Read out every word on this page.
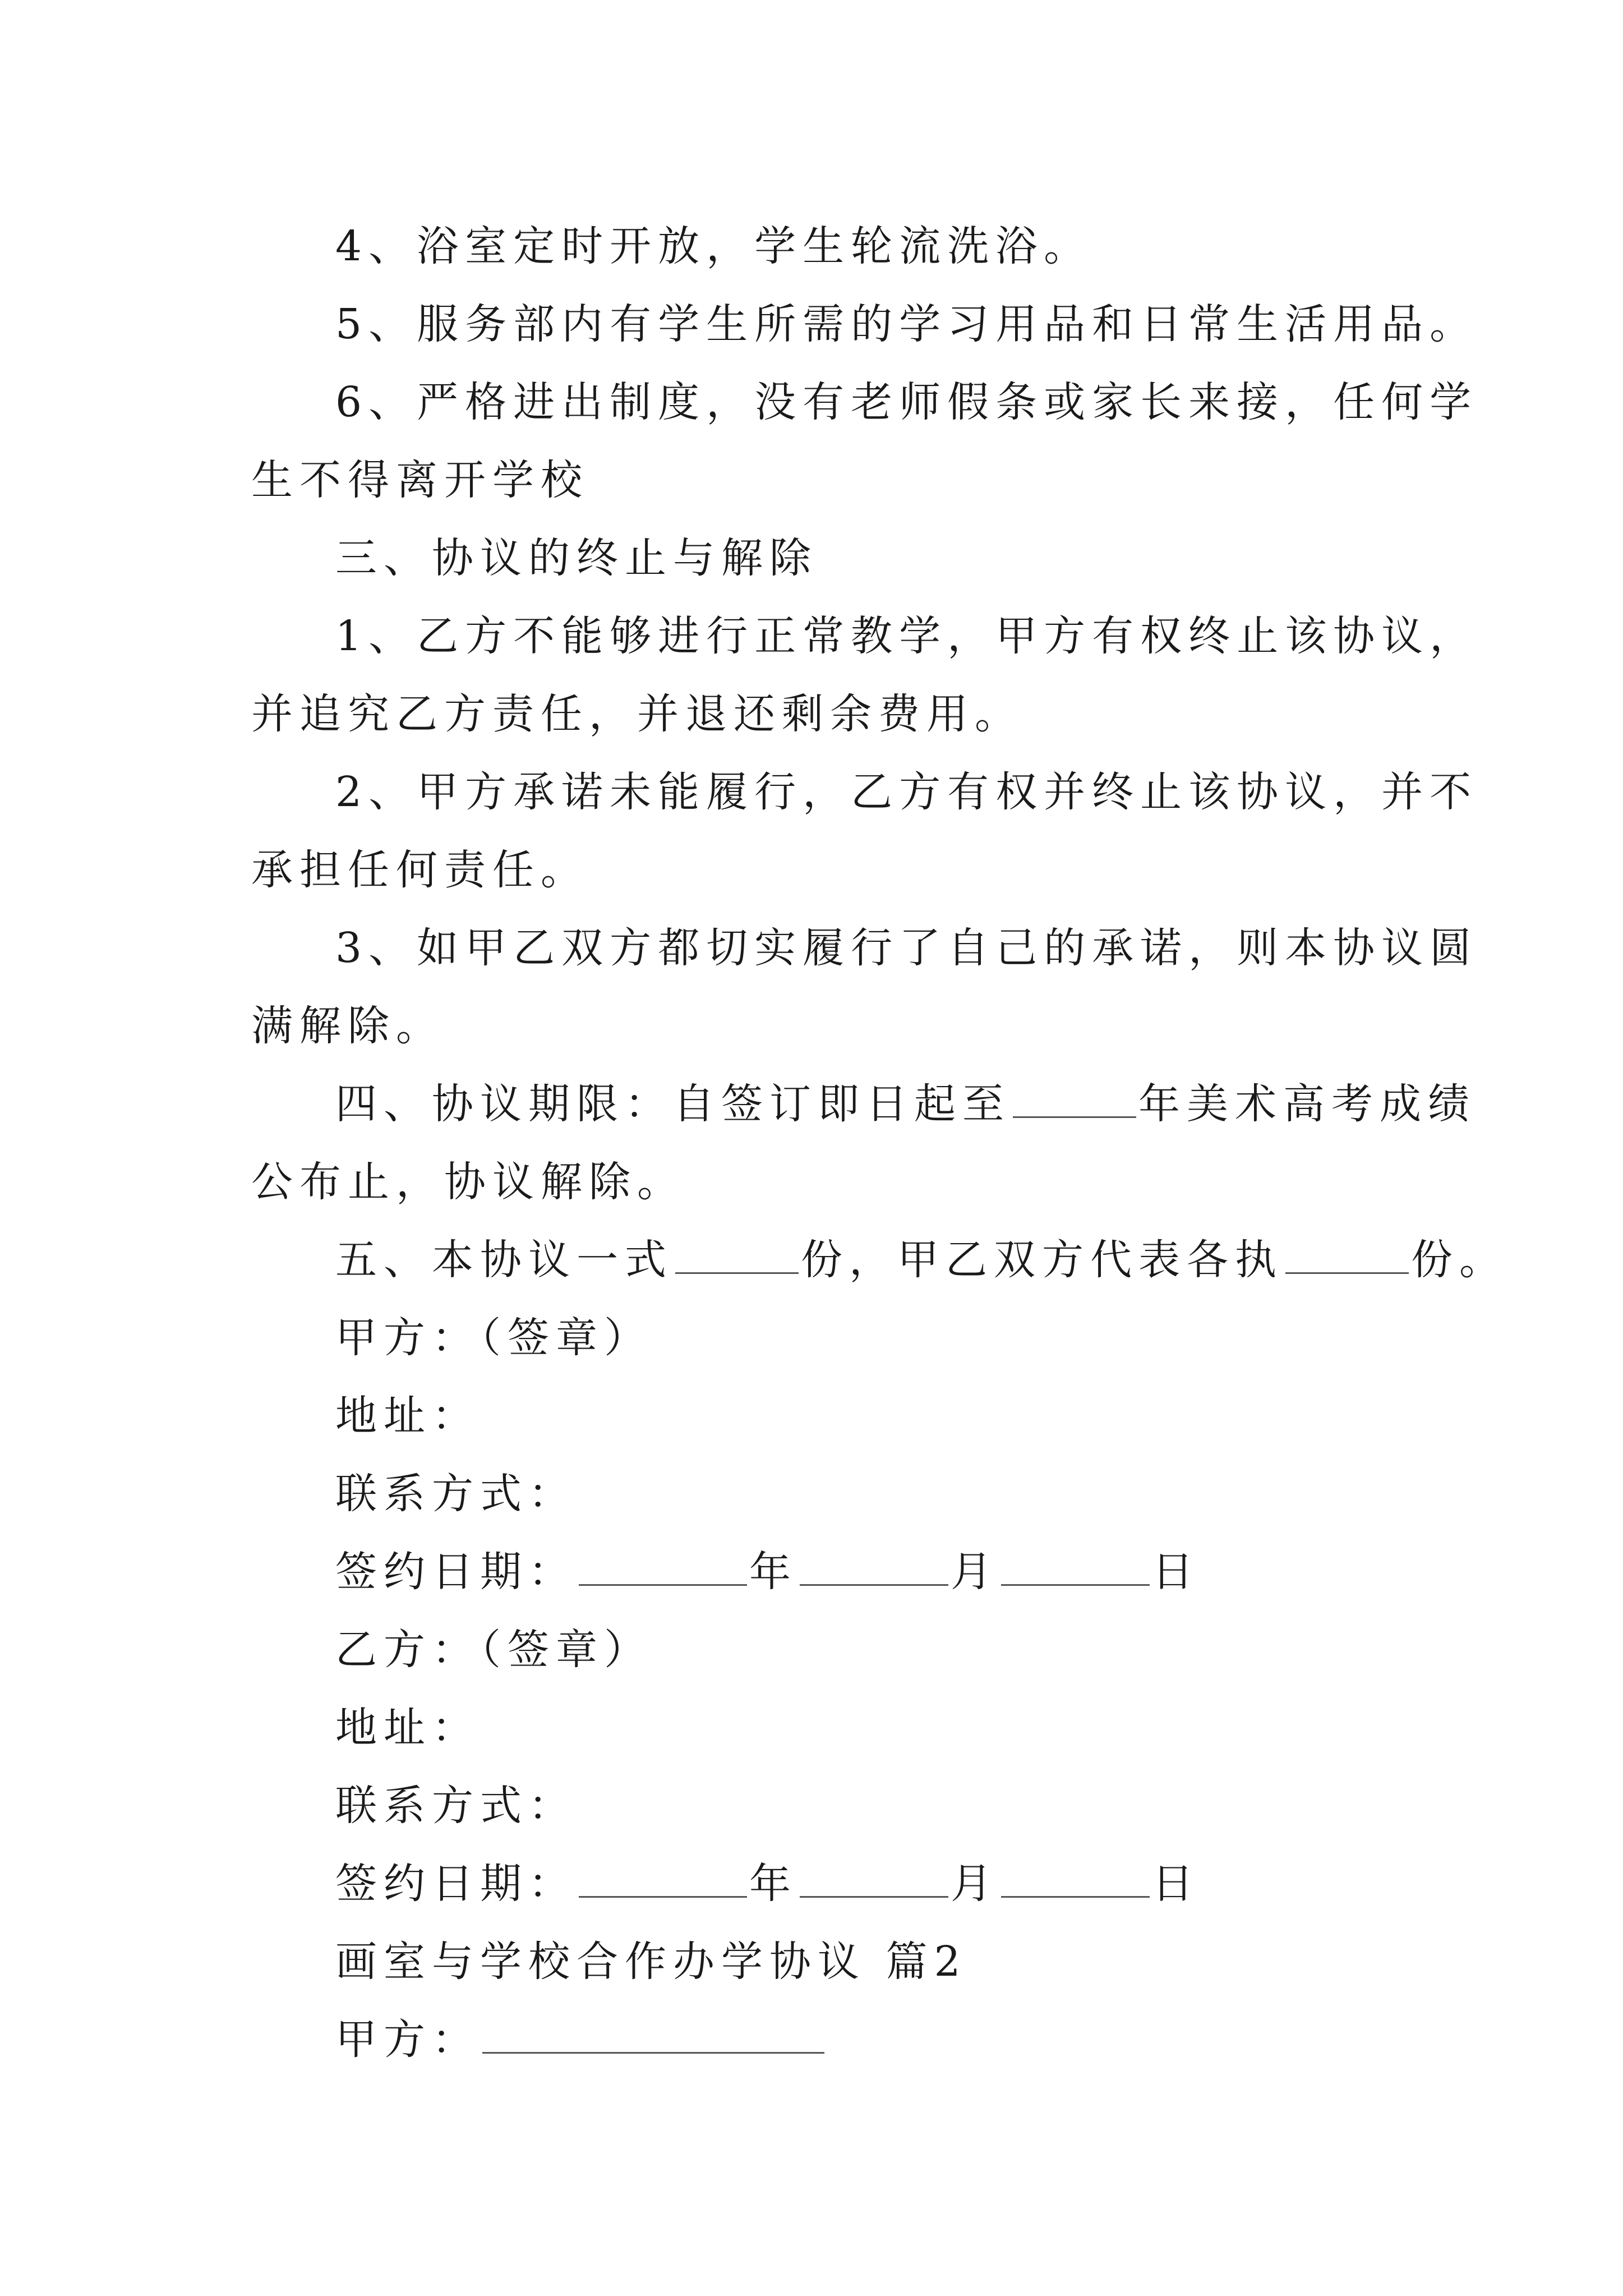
4、浴室定时开放，学生轮流洗浴。
5、服务部内有学生所需的学习用品和日常生活用品。
6、严格进出制度，没有老师假条或家长来接，任何学
生不得离开学校
三、协议的终止与解除
1、乙方不能够进行正常教学，甲方有权终止该协议，
并追究乙方责任，并退还剩余费用。
2、甲方承诺未能履行，乙方有权并终止该协议，并不
承担任何责任。
3、如甲乙双方都切实履行了自己的承诺，则本协议圆
满解除。
四、协议期限：自签订即日起至	年美术高考成绩
公布止，协议解除。
五、本协议一式	份，甲乙双方代表各执	份。
甲方：（签章）
地址：
联系方式：
签约日期：	年	月	日
乙方：（签章）
地址：
联系方式：
签约日期：	年	月	日
画室与学校合作办学协议 篇2
甲方：
